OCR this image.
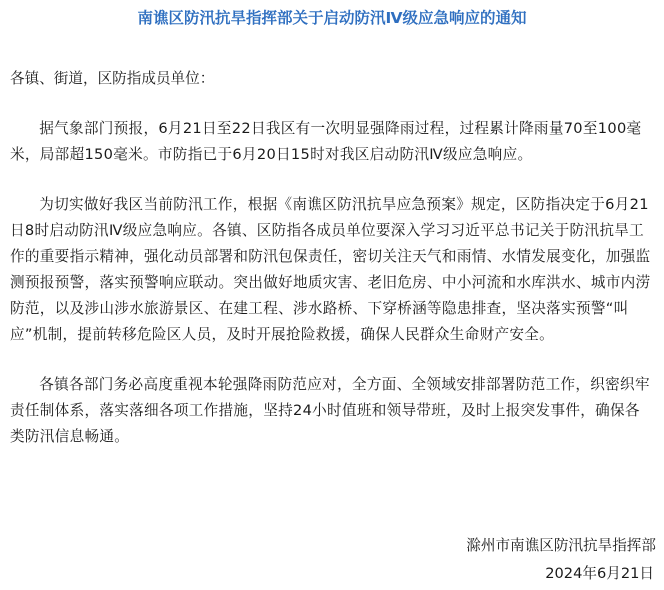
南谯区防汛抗旱指挥部关于启动防汛Ⅳ级应急响应的通知

各镇、街道，区防指成员单位：

据气象部门预报，6月21日至22日我区有一次明显强降雨过程，过程累计降雨量70至100毫米，局部超150毫米。市防指已于6月20日15时对我区启动防汛Ⅳ级应急响应。

为切实做好我区当前防汛工作，根据《南谯区防汛抗旱应急预案》规定，区防指决定于6月21日8时启动防汛Ⅳ级应急响应。各镇、区防指各成员单位要深入学习习近平总书记关于防汛抗旱工作的重要指示精神，强化动员部署和防汛包保责任，密切关注天气和雨情、水情发展变化，加强监测预报预警，落实预警响应联动。突出做好地质灾害、老旧危房、中小河流和水库洪水、城市内涝防范，以及涉山涉水旅游景区、在建工程、涉水路桥、下穿桥涵等隐患排查，坚决落实预警“叫应”机制，提前转移危险区人员，及时开展抢险救援，确保人民群众生命财产安全。

各镇各部门务必高度重视本轮强降雨防范应对，全方面、全领域安排部署防范工作，织密织牢责任制体系，落实落细各项工作措施，坚持24小时值班和领导带班，及时上报突发事件，确保各类防汛信息畅通。

滁州市南谯区防汛抗旱指挥部
2024年6月21日
